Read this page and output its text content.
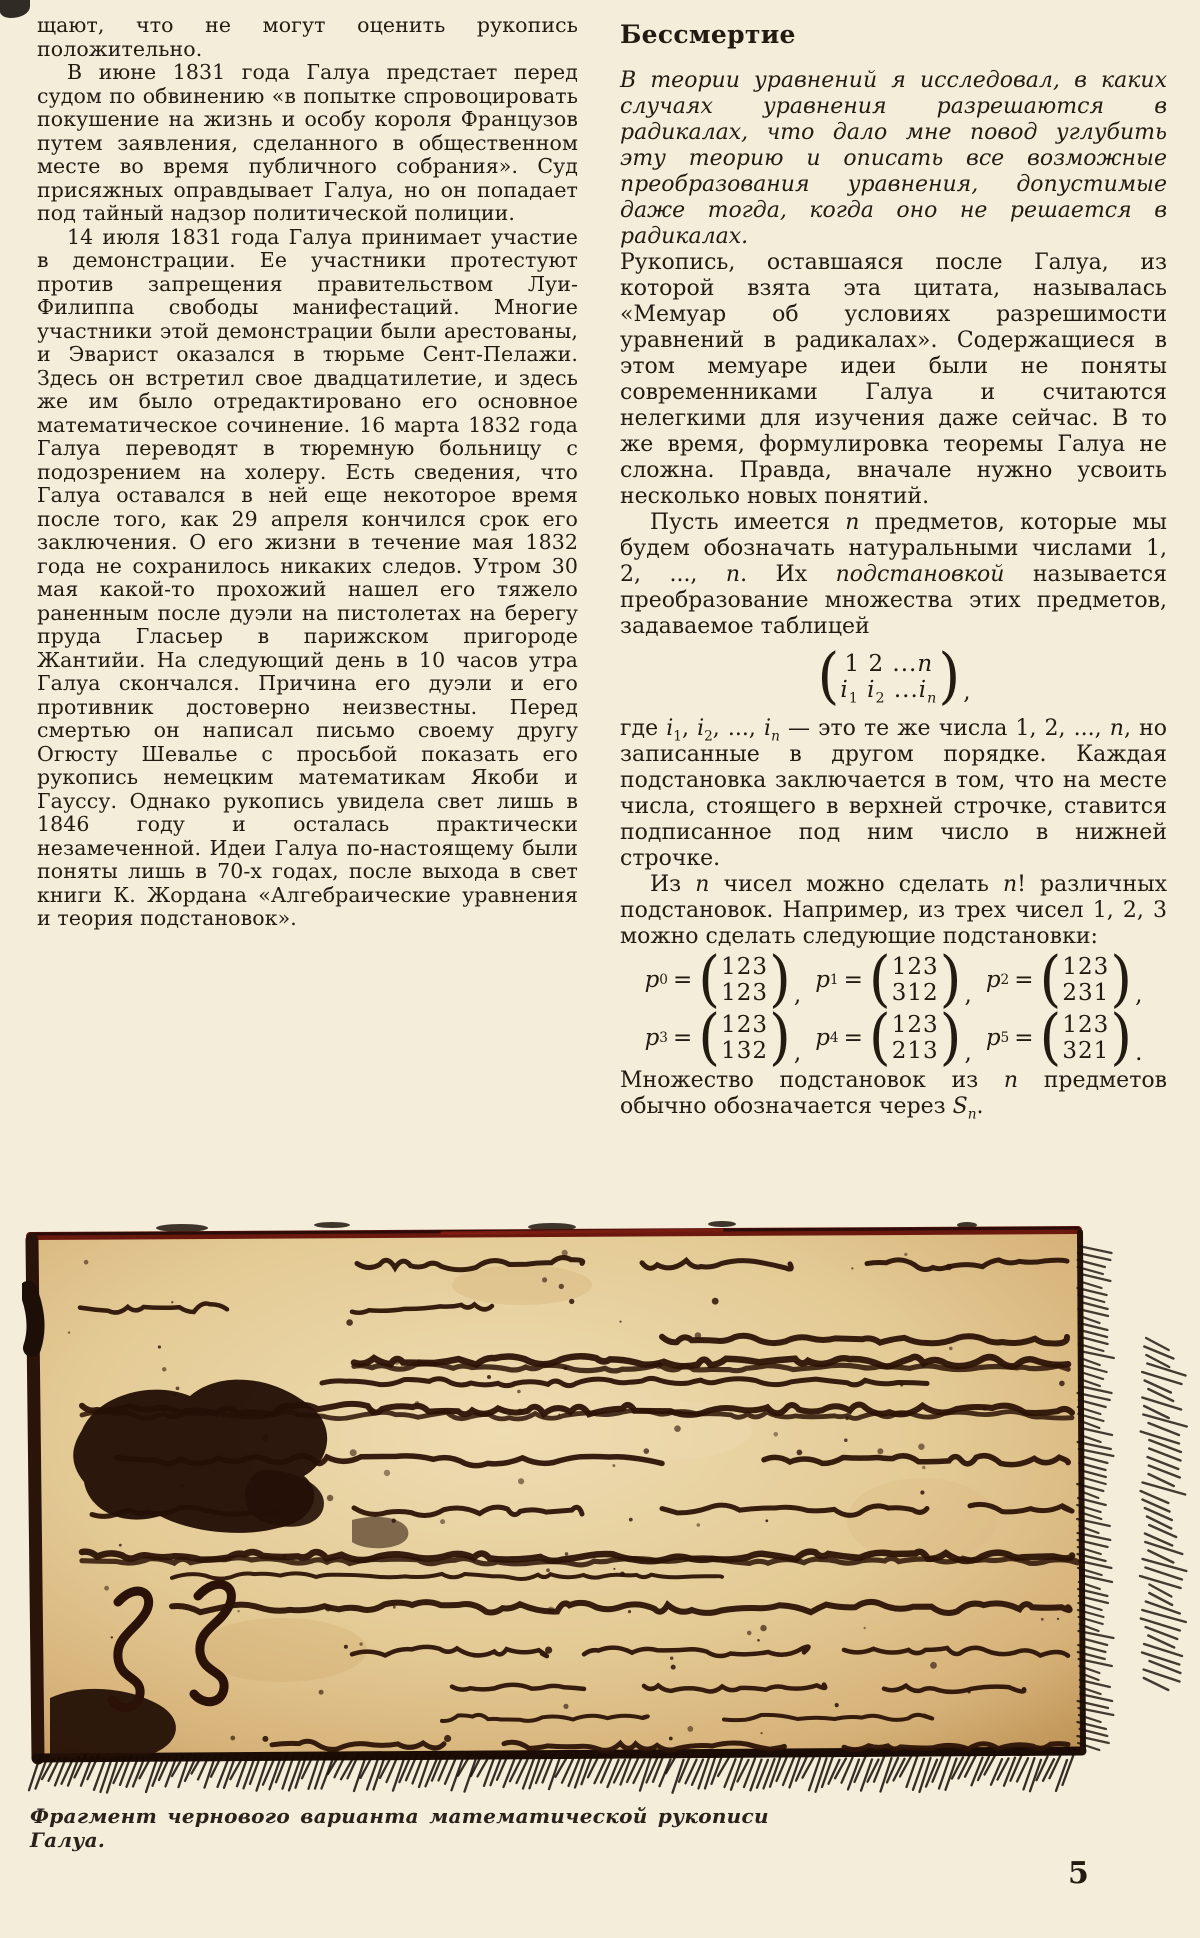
щают, что не могут оценить рукопись положительно.

В июне 1831 года Галуа предстает перед судом по обвинению «в попытке спровоцировать покушение на жизнь и особу короля Французов путем заявления, сделанного в общественном месте во время публичного собрания». Суд присяжных оправдывает Галуа, но он попадает под тайный надзор политической полиции.

14 июля 1831 года Галуа принимает участие в демонстрации. Ее участники протестуют против запрещения правительством Луи-Филиппа свободы манифестаций. Многие участники этой демонстрации были арестованы, и Эварист оказался в тюрьме Сент-Пелажи. Здесь он встретил свое двадцатилетие, и здесь же им было отредактировано его основное математическое сочинение. 16 марта 1832 года Галуа переводят в тюремную больницу с подозрением на холеру. Есть сведения, что Галуа оставался в ней еще некоторое время после того, как 29 апреля кончился срок его заключения. О его жизни в течение мая 1832 года не сохранилось никаких следов. Утром 30 мая какой-то прохожий нашел его тяжело раненным после дуэли на пистолетах на берегу пруда Гласьер в парижском пригороде Жантийи. На следующий день в 10 часов утра Галуа скончался. Причина его дуэли и его противник достоверно неизвестны. Перед смертью он написал письмо своему другу Огюсту Шевалье с просьбой показать его рукопись немецким математикам Якоби и Гауссу. Однако рукопись увидела свет лишь в 1846 году и осталась практически незамеченной. Идеи Галуа по-настоящему были поняты лишь в 70-х годах, после выхода в свет книги К. Жордана «Алгебраические уравнения и теория подстановок».

Бессмертие

В теории уравнений я исследовал, в каких случаях уравнения разрешаются в радикалах, что дало мне повод углубить эту теорию и описать все возможные преобразования уравнения, допустимые даже тогда, когда оно не решается в радикалах.

Рукопись, оставшаяся после Галуа, из которой взята эта цитата, называлась «Мемуар об условиях разрешимости уравнений в радикалах». Содержащиеся в этом мемуаре идеи были не поняты современниками Галуа и считаются нелегкими для изучения даже сейчас. В то же время, формулировка теоремы Галуа не сложна. Правда, вначале нужно усвоить несколько новых понятий.

Пусть имеется n предметов, которые мы будем обозначать натуральными числами 1, 2, ..., n. Их подстановкой называется преобразование множества этих предметов, задаваемое таблицей

( 1 2 ...n
$i_1$ $i_2$ $...i_n$ ) ,

где $i_1$, $i_2$, ..., $i_n$ — это те же числа 1, 2, ..., n, но записанные в другом порядке. Каждая подстановка заключается в том, что на месте числа, стоящего в верхней строчке, ставится подписанное под ним число в нижней строчке.

Из n чисел можно сделать n! различных подстановок. Например, из трех чисел 1, 2, 3 можно сделать следующие подстановки:

p 0 = ( 123
123 ) ,
p 1 = ( 123
312 ) ,
p 2 = ( 123
231 ) ,
p 3 = ( 123
132 ) ,
p 4 = ( 123
213 ) ,
p 5 = ( 123
321 ) .

Множество подстановок из n предметов обычно обозначается через $S_n$.

Фрагмент чернового варианта математической рукописи Галуа.

5
